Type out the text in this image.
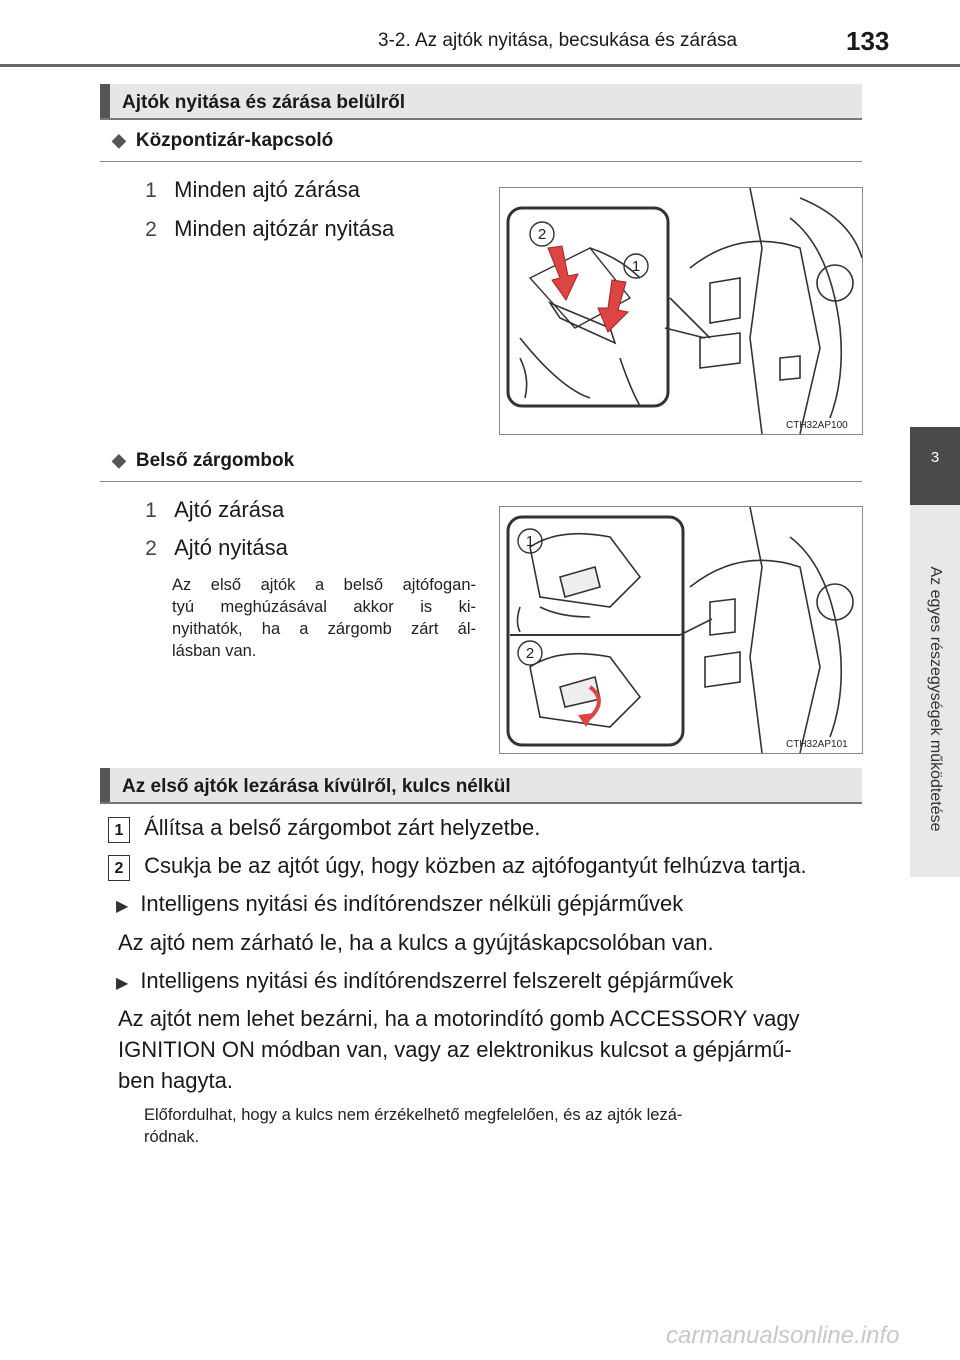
3-2. Az ajtók nyitása, becsukása és zárása	133
3
Az egyes részegységek működtetése
Ajtók nyitása és zárása belülről
◆ Központizár-kapcsoló
1 Minden ajtó zárása
2 Minden ajtózár nyitása	2
1
CTH32AP100
◆ Belső zárgombok
1 Ajtó zárása
2 Ajtó nyitása
Az első ajtók a belső ajtófogan-
tyú meghúzásával akkor is ki-
nyithatók, ha a zárgomb zárt ál-
lásban van.
1
2
CTH32AP101
Az első ajtók lezárása kívülről, kulcs nélkül
1 Állítsa a belső zárgombot zárt helyzetbe.
2 Csukja be az ajtót úgy, hogy közben az ajtófogantyút felhúzva tartja.
▶ Intelligens nyitási és indítórendszer nélküli gépjárművek
Az ajtó nem zárható le, ha a kulcs a gyújtáskapcsolóban van.
▶ Intelligens nyitási és indítórendszerrel felszerelt gépjárművek
Az ajtót nem lehet bezárni, ha a motorindító gomb ACCESSORY vagy
IGNITION ON módban van, vagy az elektronikus kulcsot a gépjármű-
ben hagyta.
Előfordulhat, hogy a kulcs nem érzékelhető megfelelően, és az ajtók lezá-
ródnak.
carmanualsonline.info
